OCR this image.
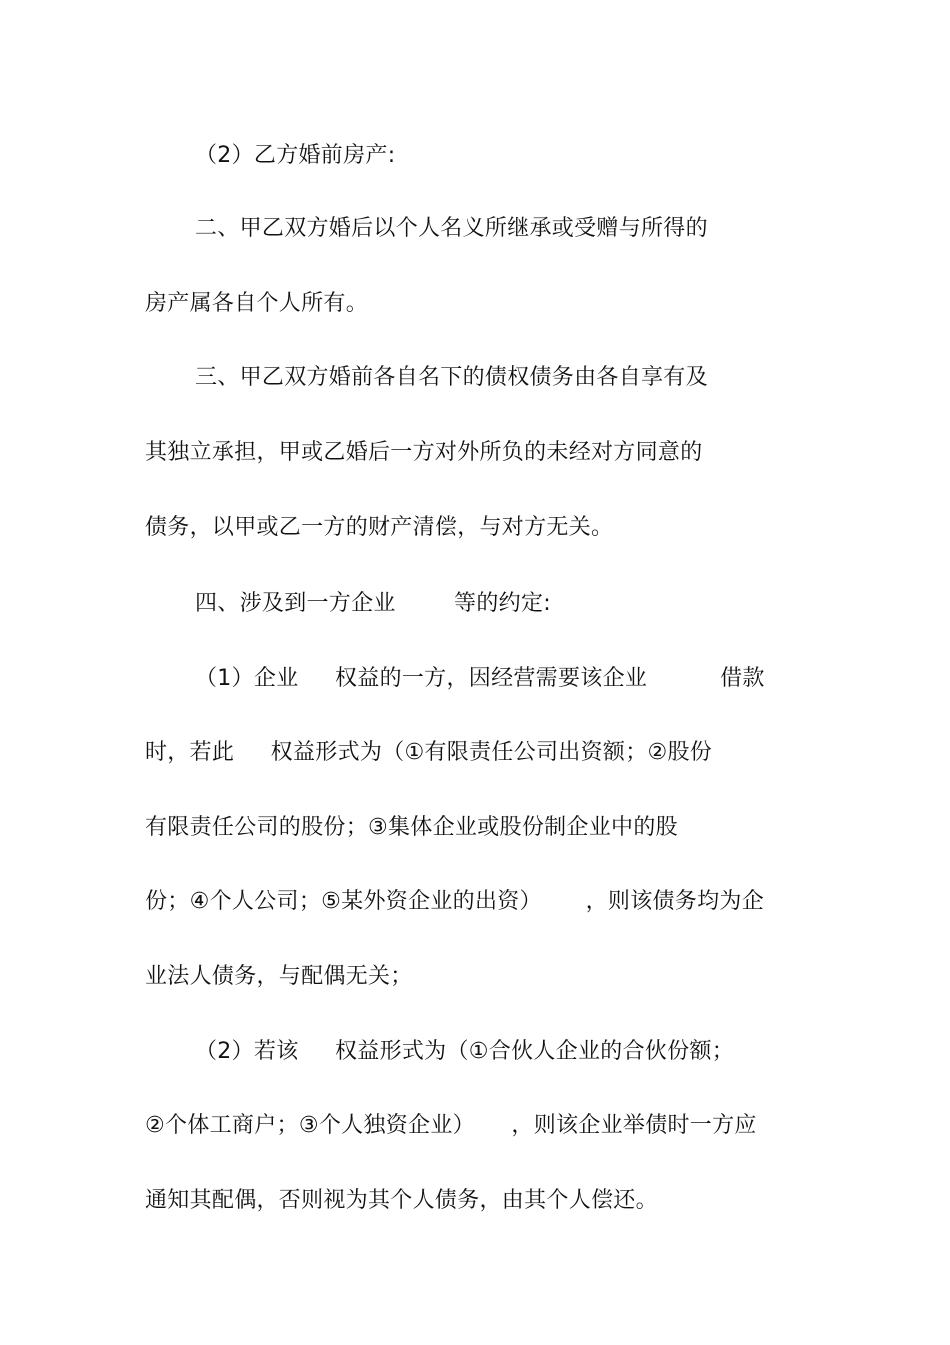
（2）乙方婚前房产:
二、甲乙双方婚后以个人名义所继承或受赠与所得的
房产属各自个人所有。
三、甲乙双方婚前各自名下的债权债务由各自享有及
其独立承担，甲或乙婚后一方对外所负的未经对方同意的
债务，以甲或乙一方的财产清偿，与对方无关。
四、涉及到一方企业        等的约定:
（1）企业     权益的一方，因经营需要该企业          借款
时，若此     权益形式为（①有限责任公司出资额；②股份
有限责任公司的股份；③集体企业或股份制企业中的股
份；④个人公司；⑤某外资企业的出资）      ，则该债务均为企
业法人债务，与配偶无关；
（2）若该     权益形式为（①合伙人企业的合伙份额；
②个体工商户；③个人独资企业）     ，则该企业举债时一方应
通知其配偶，否则视为其个人债务，由其个人偿还。
